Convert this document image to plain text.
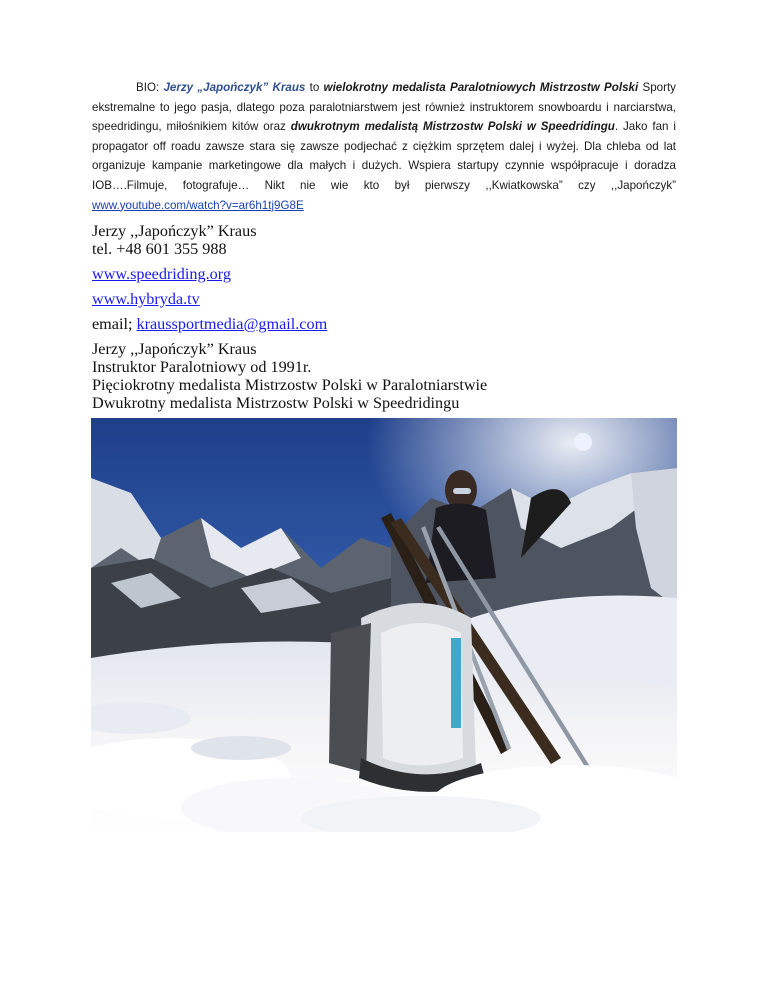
BIO: Jerzy „Japończyk” Kraus to wielokrotny medalista Paralotniowych Mistrzostw Polski Sporty ekstremalne to jego pasja, dlatego poza paralotniarstwem jest również instruktorem snowboardu i narciarstwa, speedridingu, miłośnikiem kitów oraz dwukrotnym medalistą Mistrzostw Polski w Speedridingu. Jako fan i propagator off roadu zawsze stara się zawsze podjechać z ciężkim sprzętem dalej i wyżej. Dla chleba od lat organizuje kampanie marketingowe dla małych i dużych. Wspiera startupy czynnie współpracuje i doradza IOB….Filmuje, fotografuje… Nikt nie wie kto był pierwszy ,,Kwiatkowska” czy ,,Japończyk” www.youtube.com/watch?v=ar6h1tj9G8E
Jerzy ,,Japończyk” Kraus
tel. +48 601 355 988
www.speedriding.org
www.hybryda.tv
email; kraussportmedia@gmail.com
Jerzy ,,Japończyk” Kraus
Instruktor Paralotniowy od 1991r.
Pięciokrotny medalista Mistrzostw Polski w Paralotniarstwie
Dwukrotny medalista Mistrzostw Polski w Speedridingu
